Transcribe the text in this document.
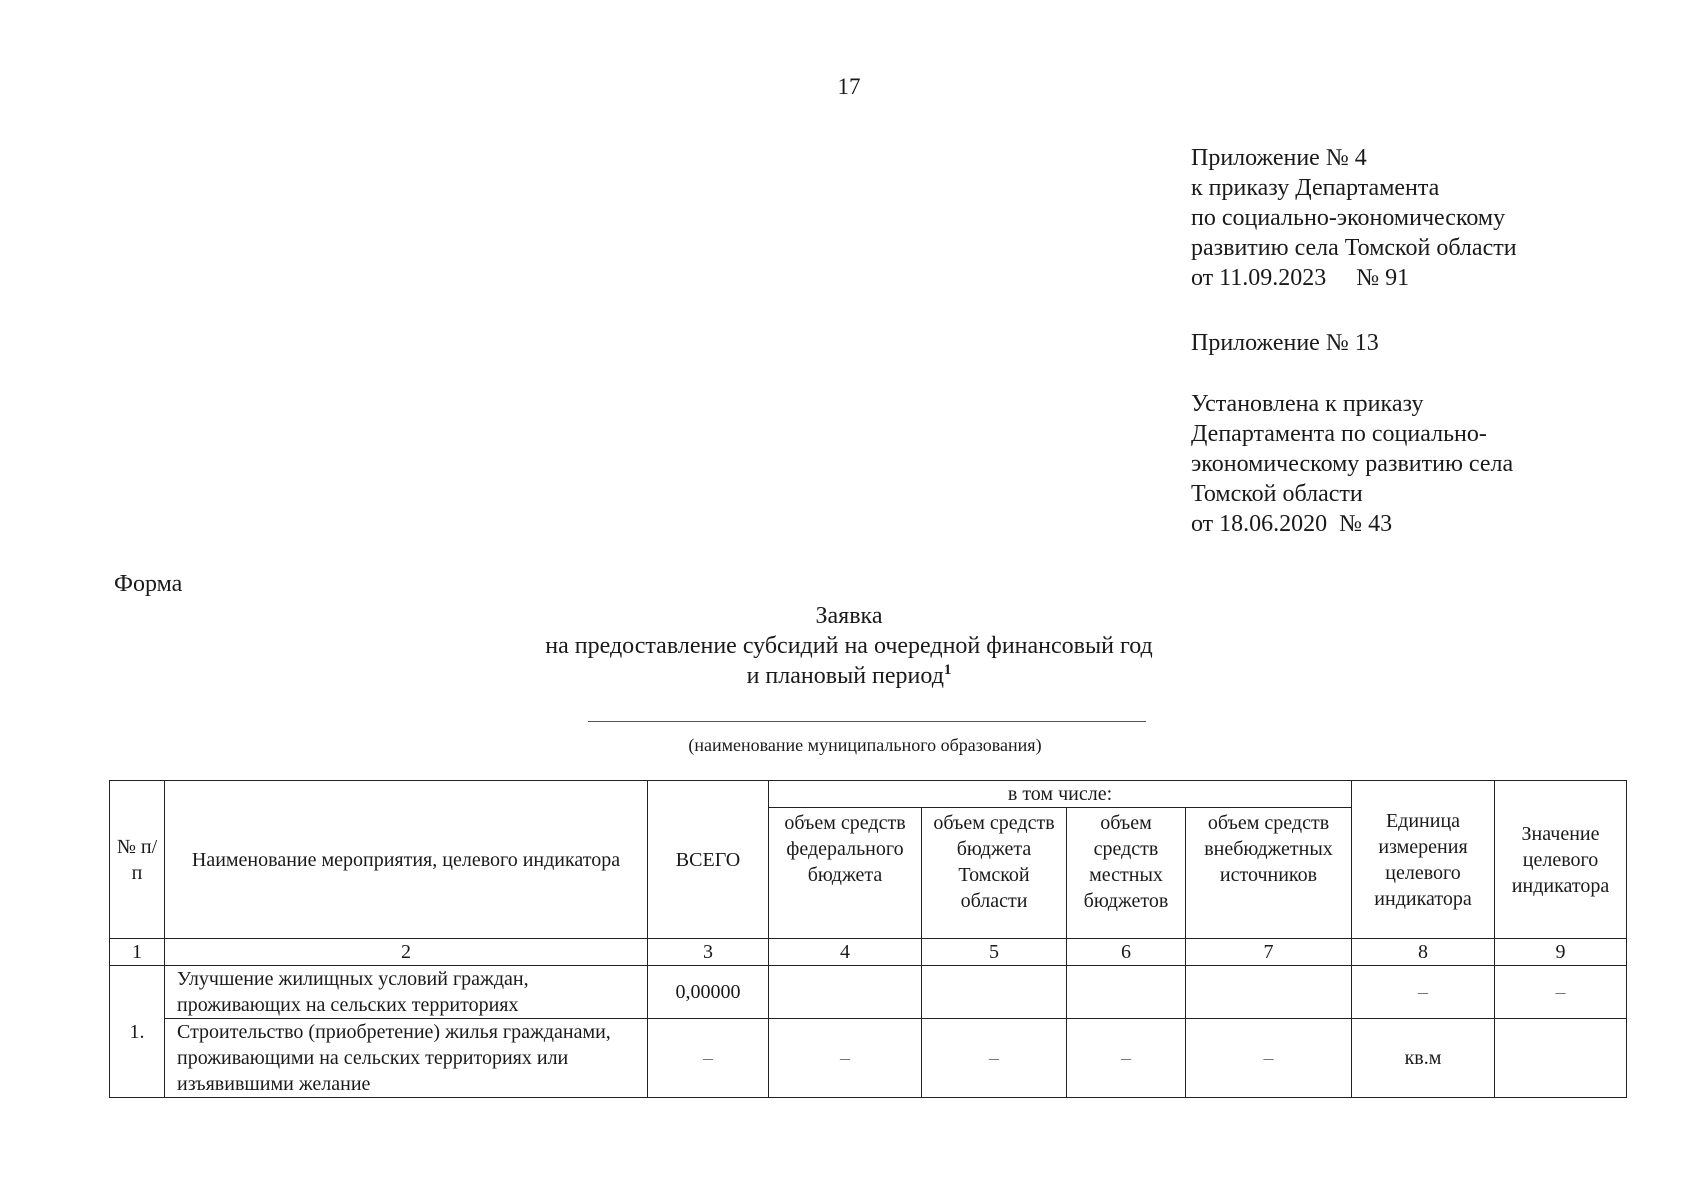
17
Приложение № 4
к приказу Департамента
по социально-экономическому
развитию села Томской области
от 11.09.2023 № 91
Приложение № 13
Установлена к приказу
Департамента по социально-
экономическому развитию села
Томской области
от 18.06.2020 № 43
Форма
Заявка
на предоставление субсидий на очередной финансовый год
и плановый период$^1$
(наименование муниципального образования)
№ п/п	Наименование мероприятия, целевого индикатора	ВСЕГО	в том числе:				Единица измерения целевого индикатора	Значение целевого индикатора
			объем средств федерального бюджета	объем средств бюджета Томской области	объем средств местных бюджетов	объем средств внебюджетных источников		
1	2	3	4	5	6	7	8	9
1.	Улучшение жилищных условий граждан, проживающих на сельских территориях	0,00000					–	–
	Строительство (приобретение) жилья гражданами, проживающими на сельских территориях или изъявившими желание	–	–	–	–	–	кв.м	
